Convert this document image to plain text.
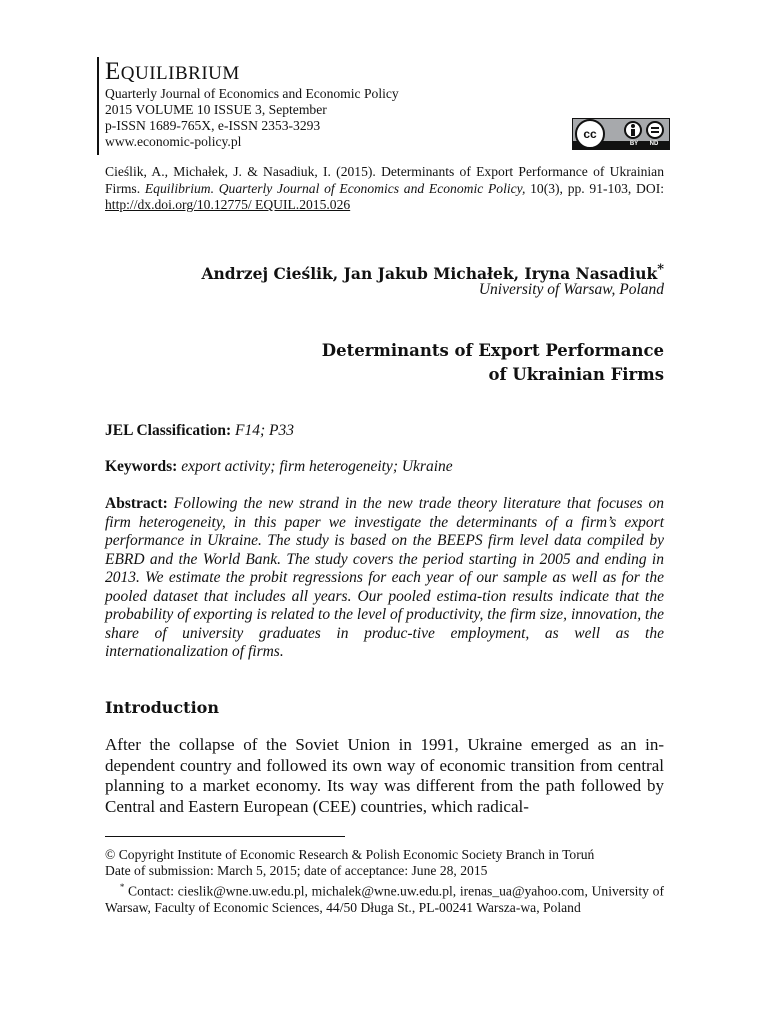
EQUILIBRIUM
Quarterly Journal of Economics and Economic Policy
2015 VOLUME 10 ISSUE 3, September
p-ISSN 1689-765X, e-ISSN 2353-3293
www.economic-policy.pl	cc
BY ND
Cieślik, A., Michałek, J. & Nasadiuk, I. (2015). Determinants of Export Performance of Ukrainian Firms. Equilibrium. Quarterly Journal of Economics and Economic Policy, 10(3), pp. 91-103, DOI: http://dx.doi.org/10.12775/ EQUIL.2015.026
Andrzej Cieślik, Jan Jakub Michałek, Iryna Nasadiuk*
University of Warsaw, Poland
Determinants of Export Performance
of Ukrainian Firms
JEL Classification: F14; P33
Keywords: export activity; firm heterogeneity; Ukraine
Abstract: Following the new strand in the new trade theory literature that focuses on firm heterogeneity, in this paper we investigate the determinants of a firm’s export performance in Ukraine. The study is based on the BEEPS firm level data compiled by EBRD and the World Bank. The study covers the period starting in 2005 and ending in 2013. We estimate the probit regressions for each year of our sample as well as for the pooled dataset that includes all years. Our pooled estima-tion results indicate that the probability of exporting is related to the level of productivity, the firm size, innovation, the share of university graduates in produc-tive employment, as well as the internationalization of firms.
Introduction
After the collapse of the Soviet Union in 1991, Ukraine emerged as an in-dependent country and followed its own way of economic transition from central planning to a market economy. Its way was different from the path followed by Central and Eastern European (CEE) countries, which radical-
© Copyright Institute of Economic Research & Polish Economic Society Branch in Toruń
Date of submission: March 5, 2015; date of acceptance: June 28, 2015
* Contact: cieslik@wne.uw.edu.pl, michalek@wne.uw.edu.pl, irenas_ua@yahoo.com, University of Warsaw, Faculty of Economic Sciences, 44/50 Długa St., PL-00241 Warsza-wa, Poland
